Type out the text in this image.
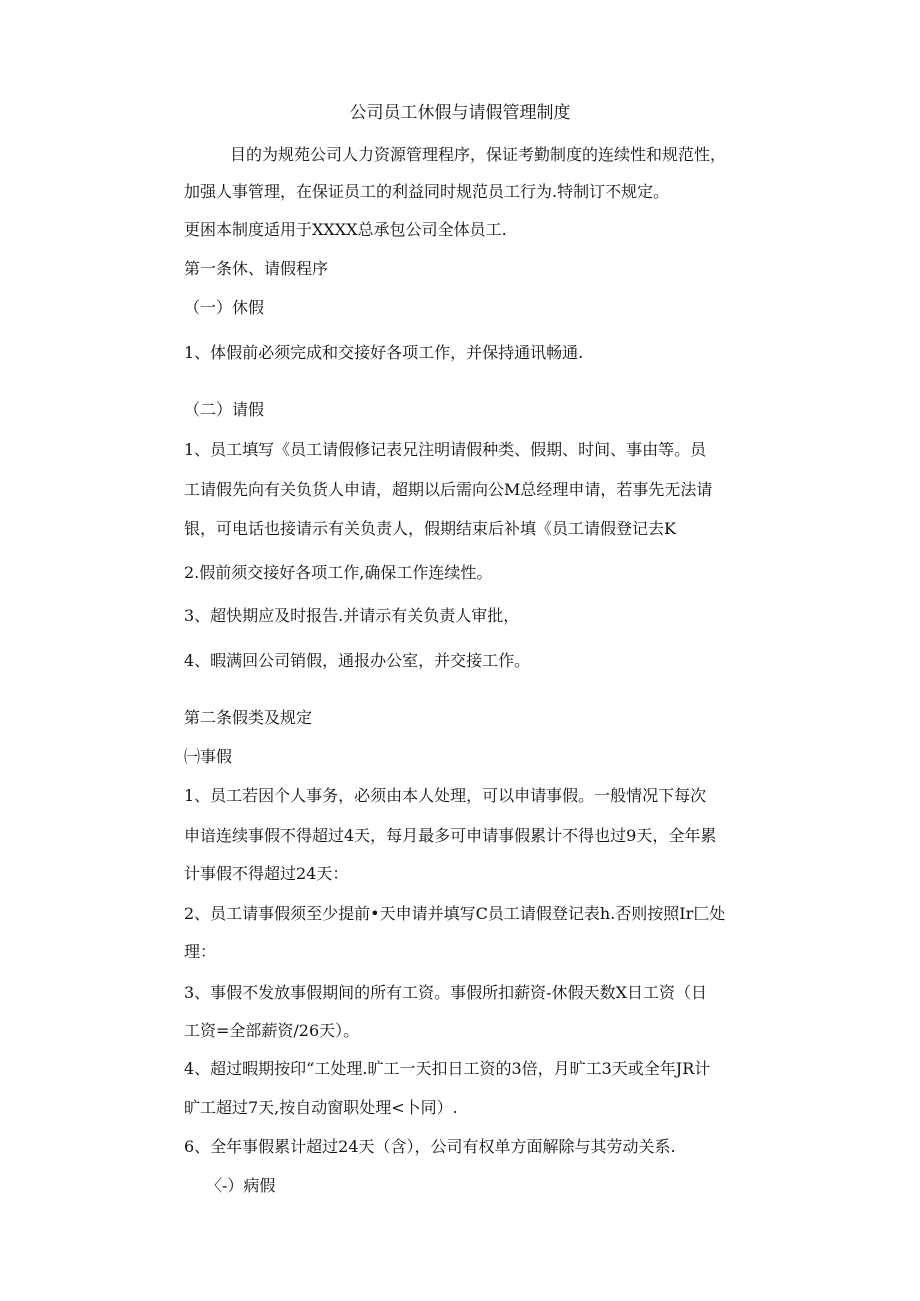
公司员工休假与请假管理制度
目的为规苑公司人力资源管理程序，保证考勤制度的连续性和规范性，
加强人事管理，在保证员工的利益同时规范员工行为.特制订不规定。
更困本制度适用于XXXX总承包公司全体员工.
第一条休、请假程序
（一）休假
1、体假前必须完成和交接好各项工作，并保持通讯畅通.
（二）请假
1、员工填写《员工请假修记表兄注明请假种类、假期、时间、事由等。员
工请假先向有关负货人申请，超期以后需向公M总经理申请，若事先无法请
银，可电话也接请示有关负责人，假期结束后补填《员工请假登记去K
2.假前须交接好各项工作,确保工作连续性。
3、超快期应及时报告.并请示有关负责人审批，
4、暇满回公司销假，通报办公室，并交接工作。
第二条假类及规定
㈠事假
1、员工若因个人事务，必须由本人处理，可以申请事假。一般情况下每次
申谙连续事假不得超过4天，每月最多可申请事假累计不得也过9天，全年累
计事假不得超过24天：
2、员工请事假须至少提前•天申请并填写C员工请假登记表h.否则按照Ir匚处
理：
3、事假不发放事假期间的所有工资。事假所扣薪资-休假天数X日工资（日
工资=全部薪资/26天）。
4、超过暇期按印“工处理.旷工一天扣日工资的3倍，月旷工3天或全年JR计
旷工超过7天,按自动窗职处理<卜同）.
6、全年事假累计超过24天（含），公司有权单方面解除与其劳动关系.
〈-）病假
